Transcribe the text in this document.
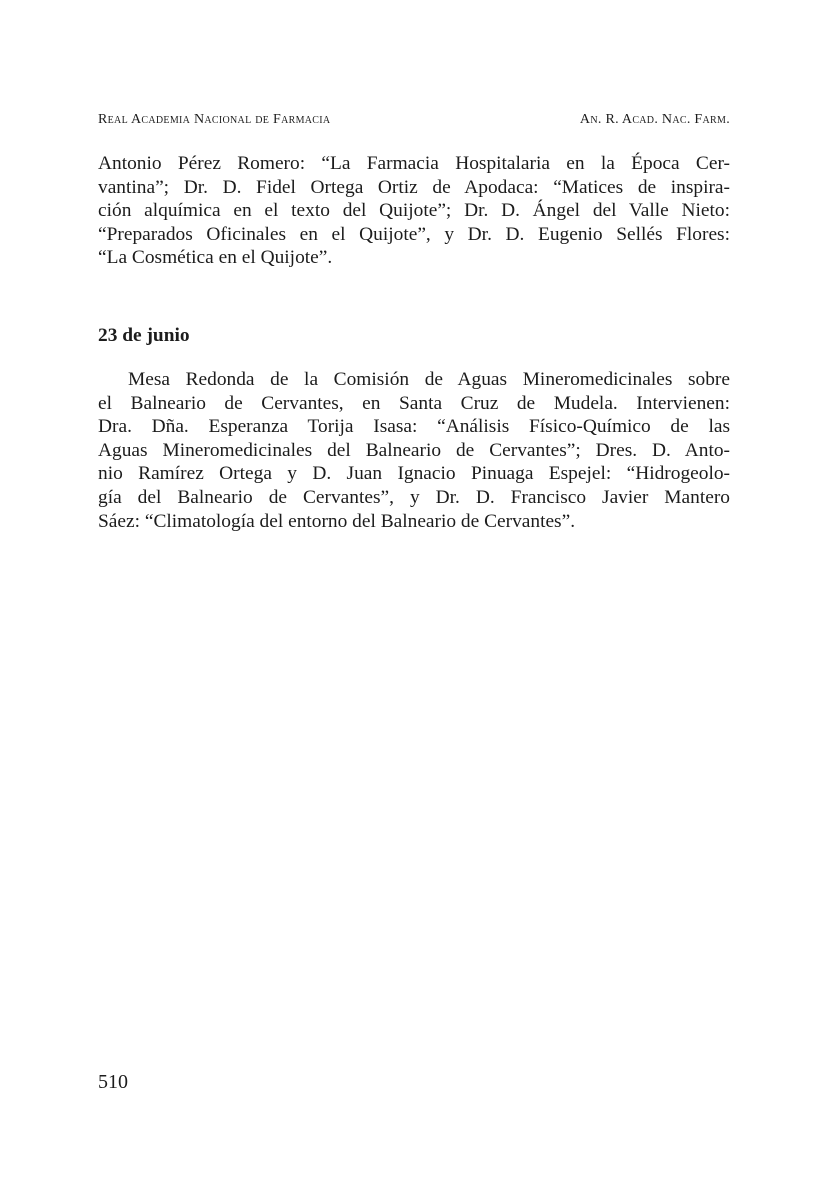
Real Academia Nacional de Farmacia	An. R. Acad. Nac. Farm.
Antonio Pérez Romero: “La Farmacia Hospitalaria en la Época Cer-
vantina”; Dr. D. Fidel Ortega Ortiz de Apodaca: “Matices de inspira-
ción alquímica en el texto del Quijote”; Dr. D. Ángel del Valle Nieto:
“Preparados Oficinales en el Quijote”, y Dr. D. Eugenio Sellés Flores:
“La Cosmética en el Quijote”.
23 de junio
Mesa Redonda de la Comisión de Aguas Mineromedicinales sobre
el Balneario de Cervantes, en Santa Cruz de Mudela. Intervienen:
Dra. Dña. Esperanza Torija Isasa: “Análisis Físico-Químico de las
Aguas Mineromedicinales del Balneario de Cervantes”; Dres. D. Anto-
nio Ramírez Ortega y D. Juan Ignacio Pinuaga Espejel: “Hidrogeolo-
gía del Balneario de Cervantes”, y Dr. D. Francisco Javier Mantero
Sáez: “Climatología del entorno del Balneario de Cervantes”.
510
